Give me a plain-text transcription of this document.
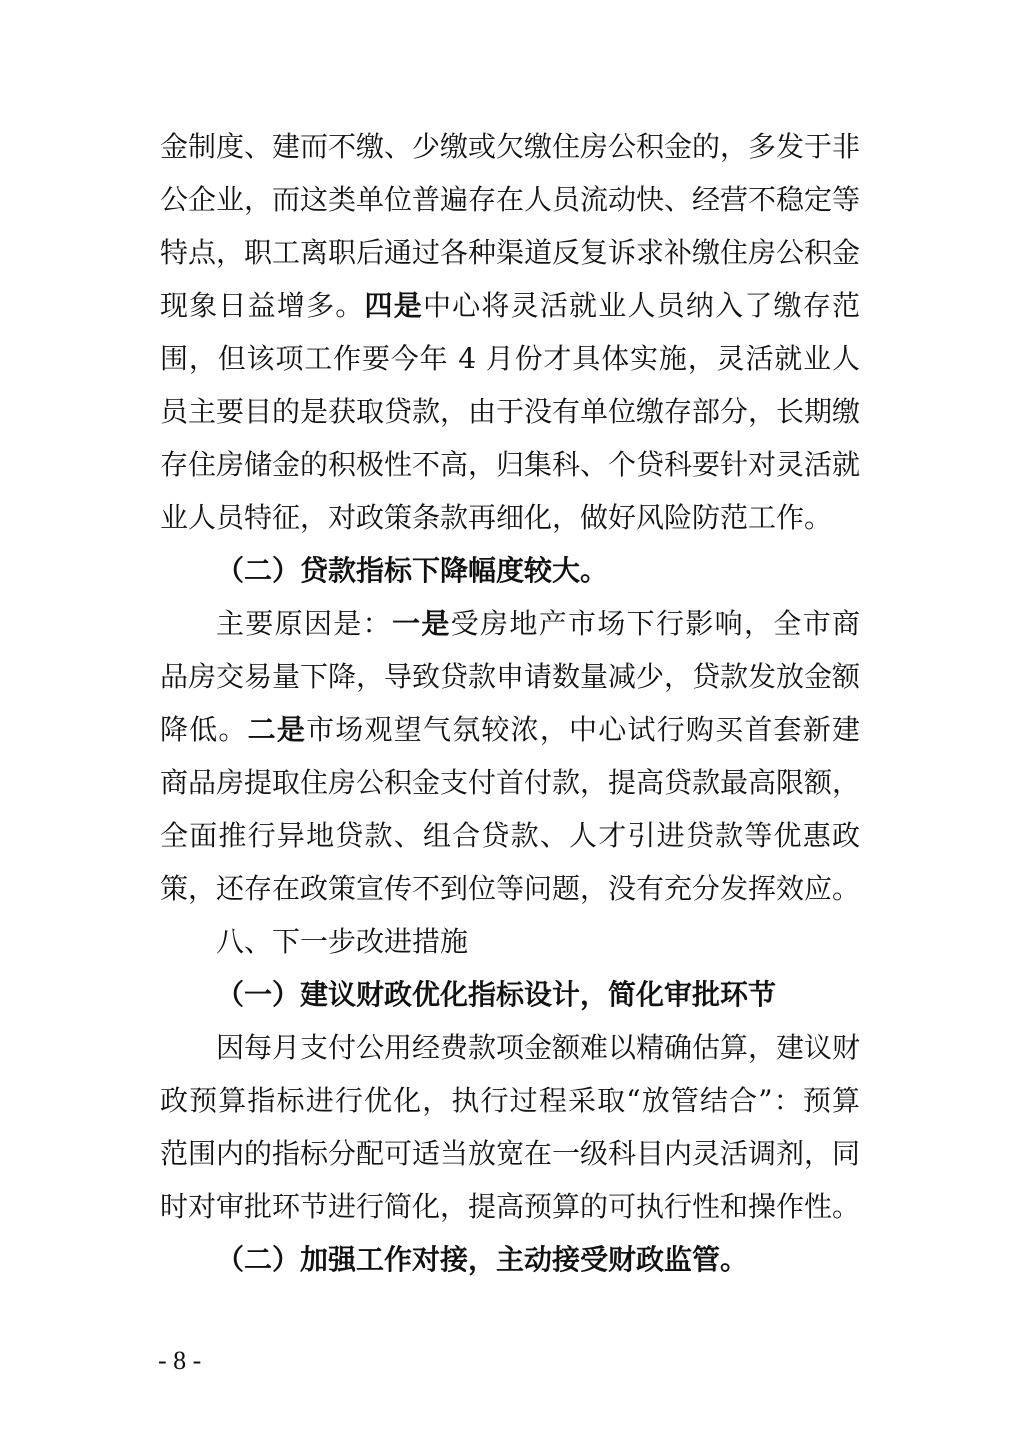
金制度、建而不缴、少缴或欠缴住房公积金的，多发于非公企业，而这类单位普遍存在人员流动快、经营不稳定等特点，职工离职后通过各种渠道反复诉求补缴住房公积金现象日益增多。四是中心将灵活就业人员纳入了缴存范围，但该项工作要今年 4 月份才具体实施，灵活就业人员主要目的是获取贷款，由于没有单位缴存部分，长期缴存住房储金的积极性不高，归集科、个贷科要针对灵活就业人员特征，对政策条款再细化，做好风险防范工作。

（二）贷款指标下降幅度较大。

主要原因是：一是受房地产市场下行影响，全市商品房交易量下降，导致贷款申请数量减少，贷款发放金额降低。二是市场观望气氛较浓，中心试行购买首套新建商品房提取住房公积金支付首付款，提高贷款最高限额，全面推行异地贷款、组合贷款、人才引进贷款等优惠政策，还存在政策宣传不到位等问题，没有充分发挥效应。

八、下一步改进措施

（一）建议财政优化指标设计，简化审批环节

因每月支付公用经费款项金额难以精确估算，建议财政预算指标进行优化，执行过程采取“放管结合”：预算范围内的指标分配可适当放宽在一级科目内灵活调剂，同时对审批环节进行简化，提高预算的可执行性和操作性。

（二）加强工作对接，主动接受财政监管。

- 8 -
